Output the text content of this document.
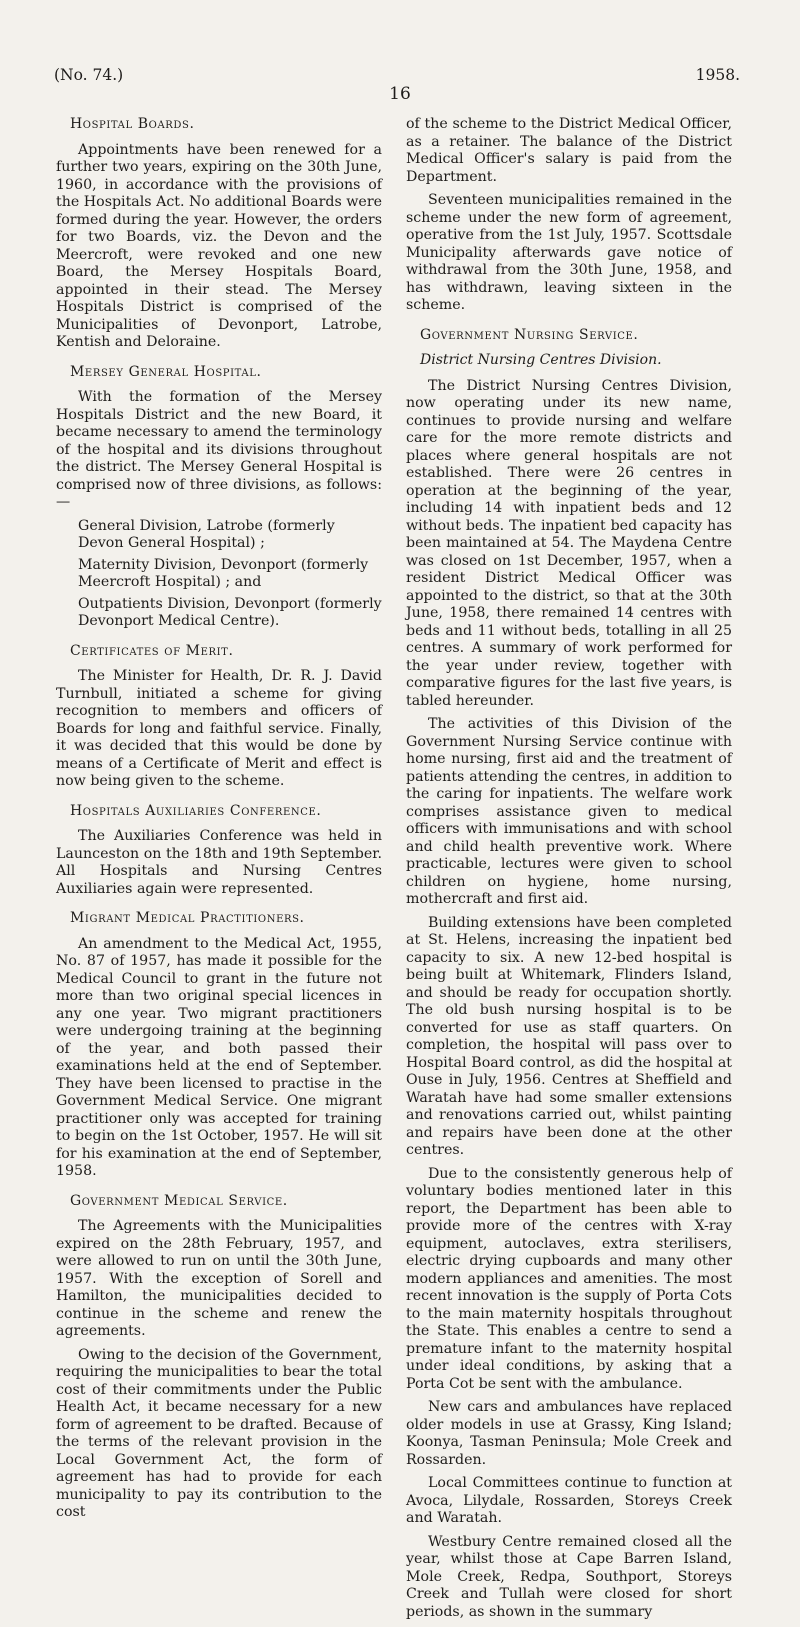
(No. 74.)
16
1958.
Hospital Boards.

Appointments have been renewed for a further two years, expiring on the 30th June, 1960, in accordance with the provisions of the Hospitals Act. No additional Boards were formed during the year. However, the orders for two Boards, viz. the Devon and the Meercroft, were revoked and one new Board, the Mersey Hospitals Board, appointed in their stead. The Mersey Hospitals District is comprised of the Municipalities of Devonport, Latrobe, Kentish and Deloraine.

Mersey General Hospital.

With the formation of the Mersey Hospitals District and the new Board, it became necessary to amend the terminology of the hospital and its divisions throughout the district. The Mersey General Hospital is comprised now of three divisions, as follows:—

General Division, Latrobe (formerly Devon General Hospital) ;

Maternity Division, Devonport (formerly Meercroft Hospital) ; and

Outpatients Division, Devonport (formerly Devonport Medical Centre).

Certificates of Merit.

The Minister for Health, Dr. R. J. David Turnbull, initiated a scheme for giving recognition to members and officers of Boards for long and faithful service. Finally, it was decided that this would be done by means of a Certificate of Merit and effect is now being given to the scheme.

Hospitals Auxiliaries Conference.

The Auxiliaries Conference was held in Launceston on the 18th and 19th September. All Hospitals and Nursing Centres Auxiliaries again were represented.

Migrant Medical Practitioners.

An amendment to the Medical Act, 1955, No. 87 of 1957, has made it possible for the Medical Council to grant in the future not more than two original special licences in any one year. Two migrant practitioners were undergoing training at the beginning of the year, and both passed their examinations held at the end of September. They have been licensed to practise in the Government Medical Service. One migrant practitioner only was accepted for training to begin on the 1st October, 1957. He will sit for his examination at the end of September, 1958.

Government Medical Service.

The Agreements with the Municipalities expired on the 28th February, 1957, and were allowed to run on until the 30th June, 1957. With the exception of Sorell and Hamilton, the municipalities decided to continue in the scheme and renew the agreements.

Owing to the decision of the Government, requiring the municipalities to bear the total cost of their commitments under the Public Health Act, it became necessary for a new form of agreement to be drafted. Because of the terms of the relevant provision in the Local Government Act, the form of agreement has had to provide for each municipality to pay its contribution to the cost

of the scheme to the District Medical Officer, as a retainer. The balance of the District Medical Officer's salary is paid from the Department.

Seventeen municipalities remained in the scheme under the new form of agreement, operative from the 1st July, 1957. Scottsdale Municipality afterwards gave notice of withdrawal from the 30th June, 1958, and has withdrawn, leaving sixteen in the scheme.

Government Nursing Service.
District Nursing Centres Division.

The District Nursing Centres Division, now operating under its new name, continues to provide nursing and welfare care for the more remote districts and places where general hospitals are not established. There were 26 centres in operation at the beginning of the year, including 14 with inpatient beds and 12 without beds. The inpatient bed capacity has been maintained at 54. The Maydena Centre was closed on 1st December, 1957, when a resident District Medical Officer was appointed to the district, so that at the 30th June, 1958, there remained 14 centres with beds and 11 without beds, totalling in all 25 centres. A summary of work performed for the year under review, together with comparative figures for the last five years, is tabled hereunder.

The activities of this Division of the Government Nursing Service continue with home nursing, first aid and the treatment of patients attending the centres, in addition to the caring for inpatients. The welfare work comprises assistance given to medical officers with immunisations and with school and child health preventive work. Where practicable, lectures were given to school children on hygiene, home nursing, mothercraft and first aid.

Building extensions have been completed at St. Helens, increasing the inpatient bed capacity to six. A new 12-bed hospital is being built at Whitemark, Flinders Island, and should be ready for occupation shortly. The old bush nursing hospital is to be converted for use as staff quarters. On completion, the hospital will pass over to Hospital Board control, as did the hospital at Ouse in July, 1956. Centres at Sheffield and Waratah have had some smaller extensions and renovations carried out, whilst painting and repairs have been done at the other centres.

Due to the consistently generous help of voluntary bodies mentioned later in this report, the Department has been able to provide more of the centres with X-ray equipment, autoclaves, extra sterilisers, electric drying cupboards and many other modern appliances and amenities. The most recent innovation is the supply of Porta Cots to the main maternity hospitals throughout the State. This enables a centre to send a premature infant to the maternity hospital under ideal conditions, by asking that a Porta Cot be sent with the ambulance.

New cars and ambulances have replaced older models in use at Grassy, King Island; Koonya, Tasman Peninsula; Mole Creek and Rossarden.

Local Committees continue to function at Avoca, Lilydale, Rossarden, Storeys Creek and Waratah.

Westbury Centre remained closed all the year, whilst those at Cape Barren Island, Mole Creek, Redpa, Southport, Storeys Creek and Tullah were closed for short periods, as shown in the summary
